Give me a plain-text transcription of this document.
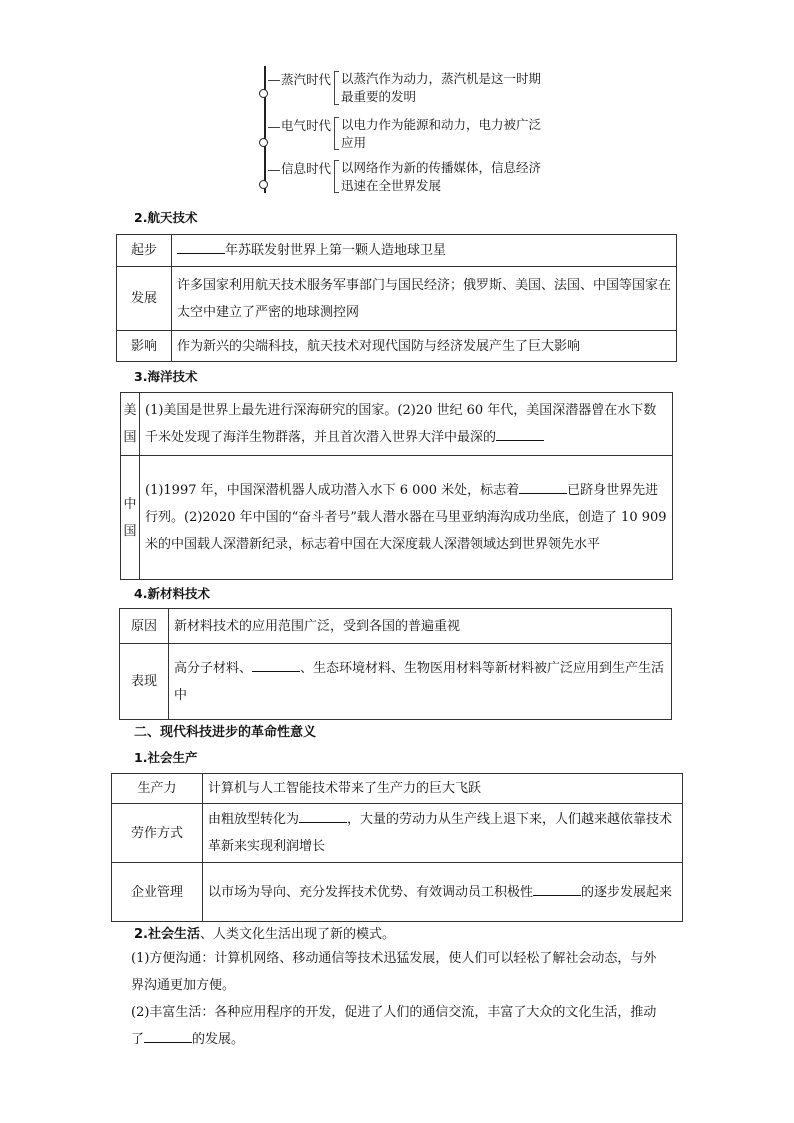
蒸汽时代 以蒸汽作为动力，蒸汽机是这一时期最重要的发明
电气时代 以电力作为能源和动力，电力被广泛应用
信息时代 以网络作为新的传播媒体，信息经济迅速在全世界发展
2.航天技术
起步	年苏联发射世界上第一颗人造地球卫星
发展	许多国家利用航天技术服务军事部门与国民经济；俄罗斯、美国、法国、中国等国家在太空中建立了严密的地球测控网
影响	作为新兴的尖端科技，航天技术对现代国防与经济发展产生了巨大影响
3.海洋技术
美国	(1)美国是世界上最先进行深海研究的国家。(2)20 世纪 60 年代，美国深潜器曾在水下数千米处发现了海洋生物群落，并且首次潜入世界大洋中最深的
中国	(1)1997 年，中国深潜机器人成功潜入水下 6 000 米处，标志着 已跻身世界先进行列。(2)2020 年中国的“奋斗者号”载人潜水器在马里亚纳海沟成功坐底，创造了 10 909 米的中国载人深潜新纪录，标志着中国在大深度载人深潜领域达到世界领先水平
4.新材料技术
原因	新材料技术的应用范围广泛，受到各国的普遍重视
表现	高分子材料、 、生态环境材料、生物医用材料等新材料被广泛应用到生产生活中
二、现代科技进步的革命性意义
1.社会生产
生产力	计算机与人工智能技术带来了生产力的巨大飞跃
劳作方式	由粗放型转化为 ，大量的劳动力从生产线上退下来，人们越来越依靠技术革新来实现利润增长
企业管理	以市场为导向、充分发挥技术优势、有效调动员工积极性 的逐步发展起来
2.社会生活、人类文化生活出现了新的模式。
(1)方便沟通：计算机网络、移动通信等技术迅猛发展，使人们可以轻松了解社会动态，与外界沟通更加方便。
(2)丰富生活：各种应用程序的开发，促进了人们的通信交流，丰富了大众的文化生活，推动了	的发展。
